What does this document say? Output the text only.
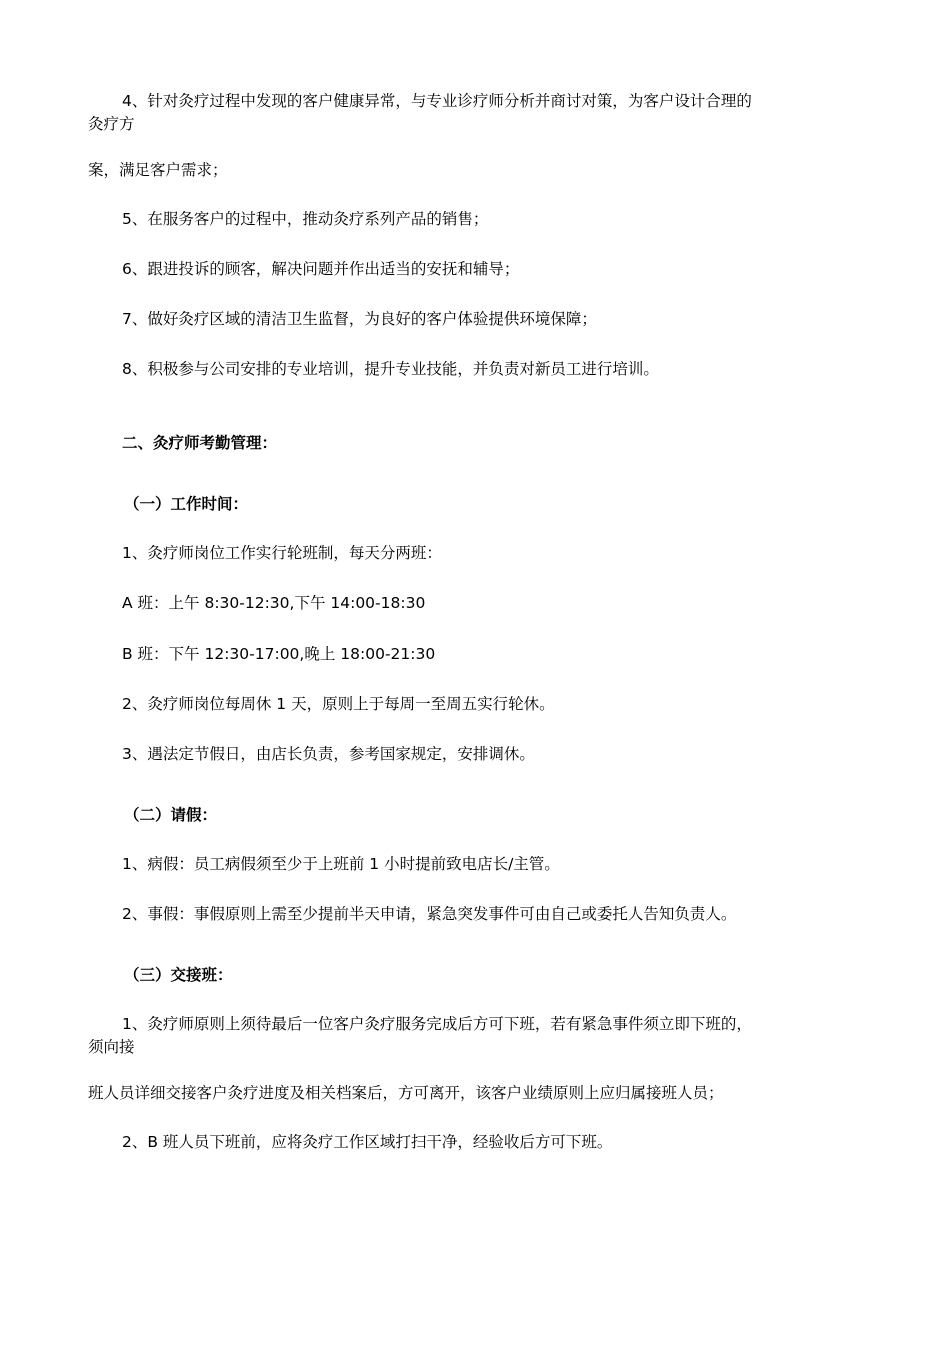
4、针对灸疗过程中发现的客户健康异常，与专业诊疗师分析并商讨对策，为客户设计合理的
灸疗方
案，满足客户需求；
5、在服务客户的过程中，推动灸疗系列产品的销售；
6、跟进投诉的顾客，解决问题并作出适当的安抚和辅导；
7、做好灸疗区域的清洁卫生监督，为良好的客户体验提供环境保障；
8、积极参与公司安排的专业培训，提升专业技能，并负责对新员工进行培训。
二、灸疗师考勤管理：
（一）工作时间：
1、灸疗师岗位工作实行轮班制，每天分两班：
A 班：上午 8:30-12:30,下午 14:00-18:30
B 班：下午 12:30-17:00,晚上 18:00-21:30
2、灸疗师岗位每周休 1 天，原则上于每周一至周五实行轮休。
3、遇法定节假日，由店长负责，参考国家规定，安排调休。
（二）请假：
1、病假：员工病假须至少于上班前 1 小时提前致电店长/主管。
2、事假：事假原则上需至少提前半天申请，紧急突发事件可由自己或委托人告知负责人。
（三）交接班：
1、灸疗师原则上须待最后一位客户灸疗服务完成后方可下班，若有紧急事件须立即下班的，
须向接
班人员详细交接客户灸疗进度及相关档案后，方可离开，该客户业绩原则上应归属接班人员；
2、B 班人员下班前，应将灸疗工作区域打扫干净，经验收后方可下班。
